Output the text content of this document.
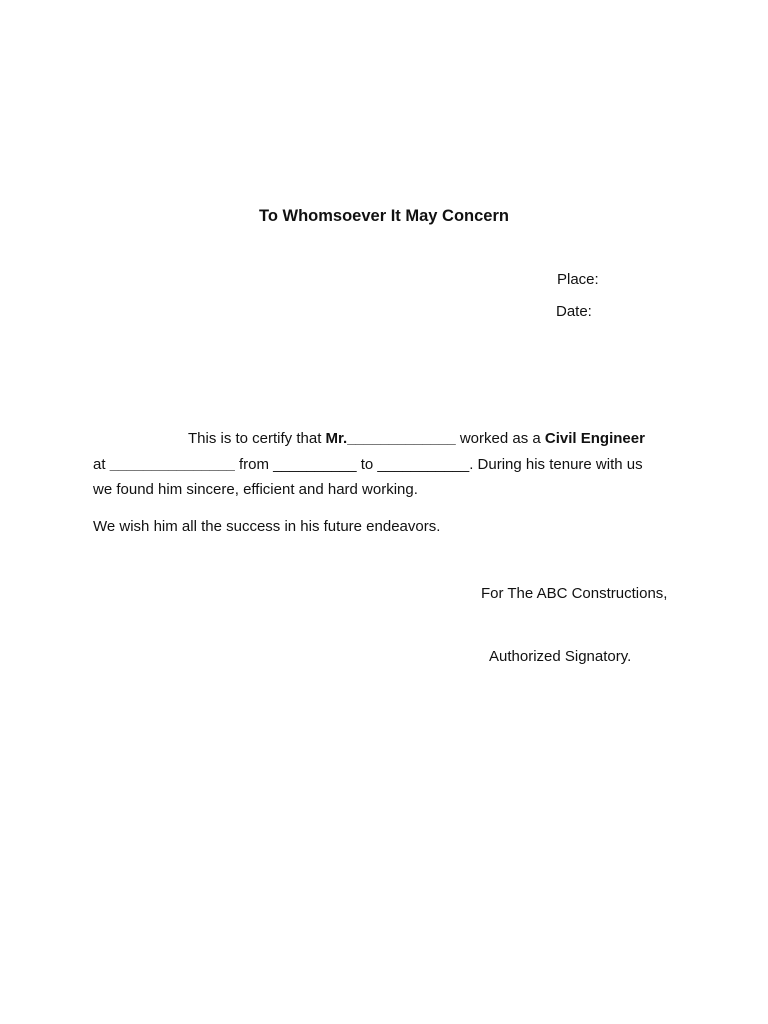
To Whomsoever It May Concern
Place:
Date:
This is to certify that Mr._____________ worked as a Civil Engineer
at _______________ from __________ to ___________. During his tenure with us
we found him sincere, efficient and hard working.
We wish him all the success in his future endeavors.
For The ABC Constructions,
Authorized Signatory.
